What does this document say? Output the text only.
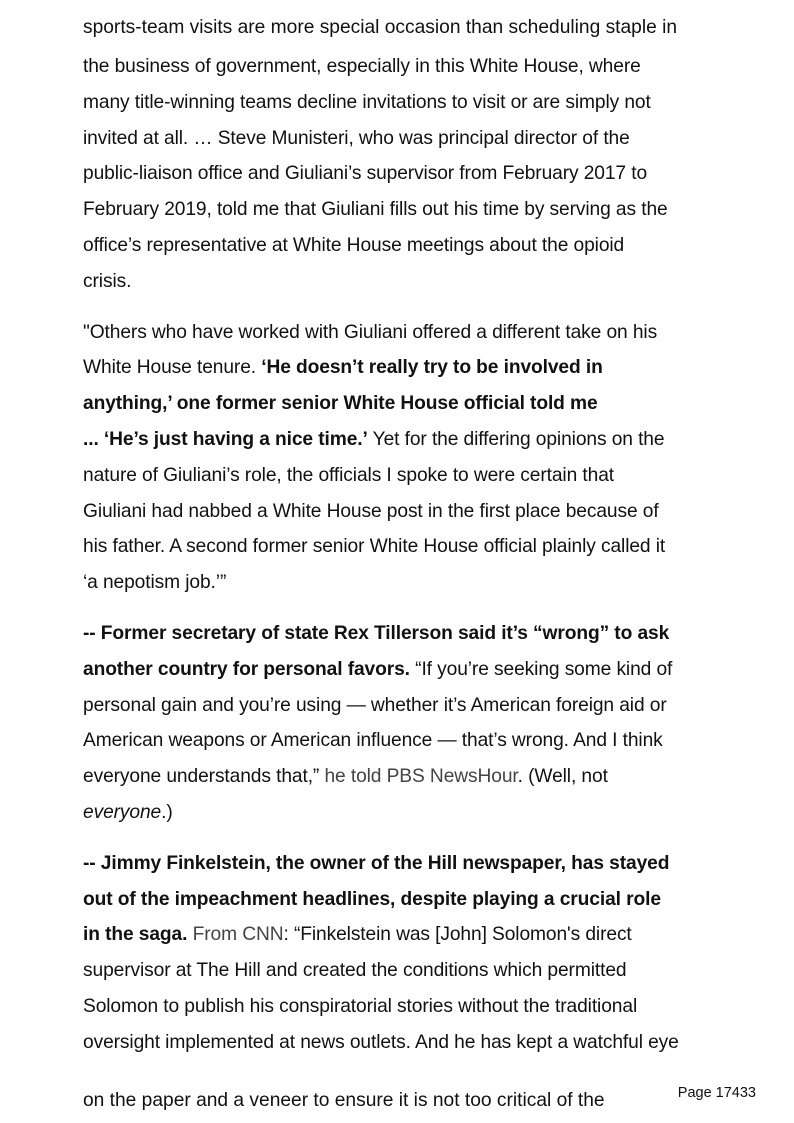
sports-team visits are more special occasion than scheduling staple in

the business of government, especially in this White House, where
many title-winning teams decline invitations to visit or are simply not
invited at all. … Steve Munisteri, who was principal director of the
public-liaison office and Giuliani’s supervisor from February 2017 to
February 2019, told me that Giuliani fills out his time by serving as the
office’s representative at White House meetings about the opioid
crisis.

"Others who have worked with Giuliani offered a different take on his
White House tenure. ‘He doesn’t really try to be involved in
anything,’ one former senior White House official told me
... ‘He’s just having a nice time.’ Yet for the differing opinions on the
nature of Giuliani’s role, the officials I spoke to were certain that
Giuliani had nabbed a White House post in the first place because of
his father. A second former senior White House official plainly called it
‘a nepotism job.’”

-- Former secretary of state Rex Tillerson said it’s “wrong” to ask
another country for personal favors. “If you’re seeking some kind of
personal gain and you’re using — whether it’s American foreign aid or
American weapons or American influence — that’s wrong. And I think
everyone understands that,” he told PBS NewsHour. (Well, not
everyone.)

-- Jimmy Finkelstein, the owner of the Hill newspaper, has stayed
out of the impeachment headlines, despite playing a crucial role
in the saga. From CNN: “Finkelstein was [John] Solomon's direct
supervisor at The Hill and created the conditions which permitted
Solomon to publish his conspiratorial stories without the traditional
oversight implemented at news outlets. And he has kept a watchful eye

on the paper and a veneer to ensure it is not too critical of the	Page 17433
